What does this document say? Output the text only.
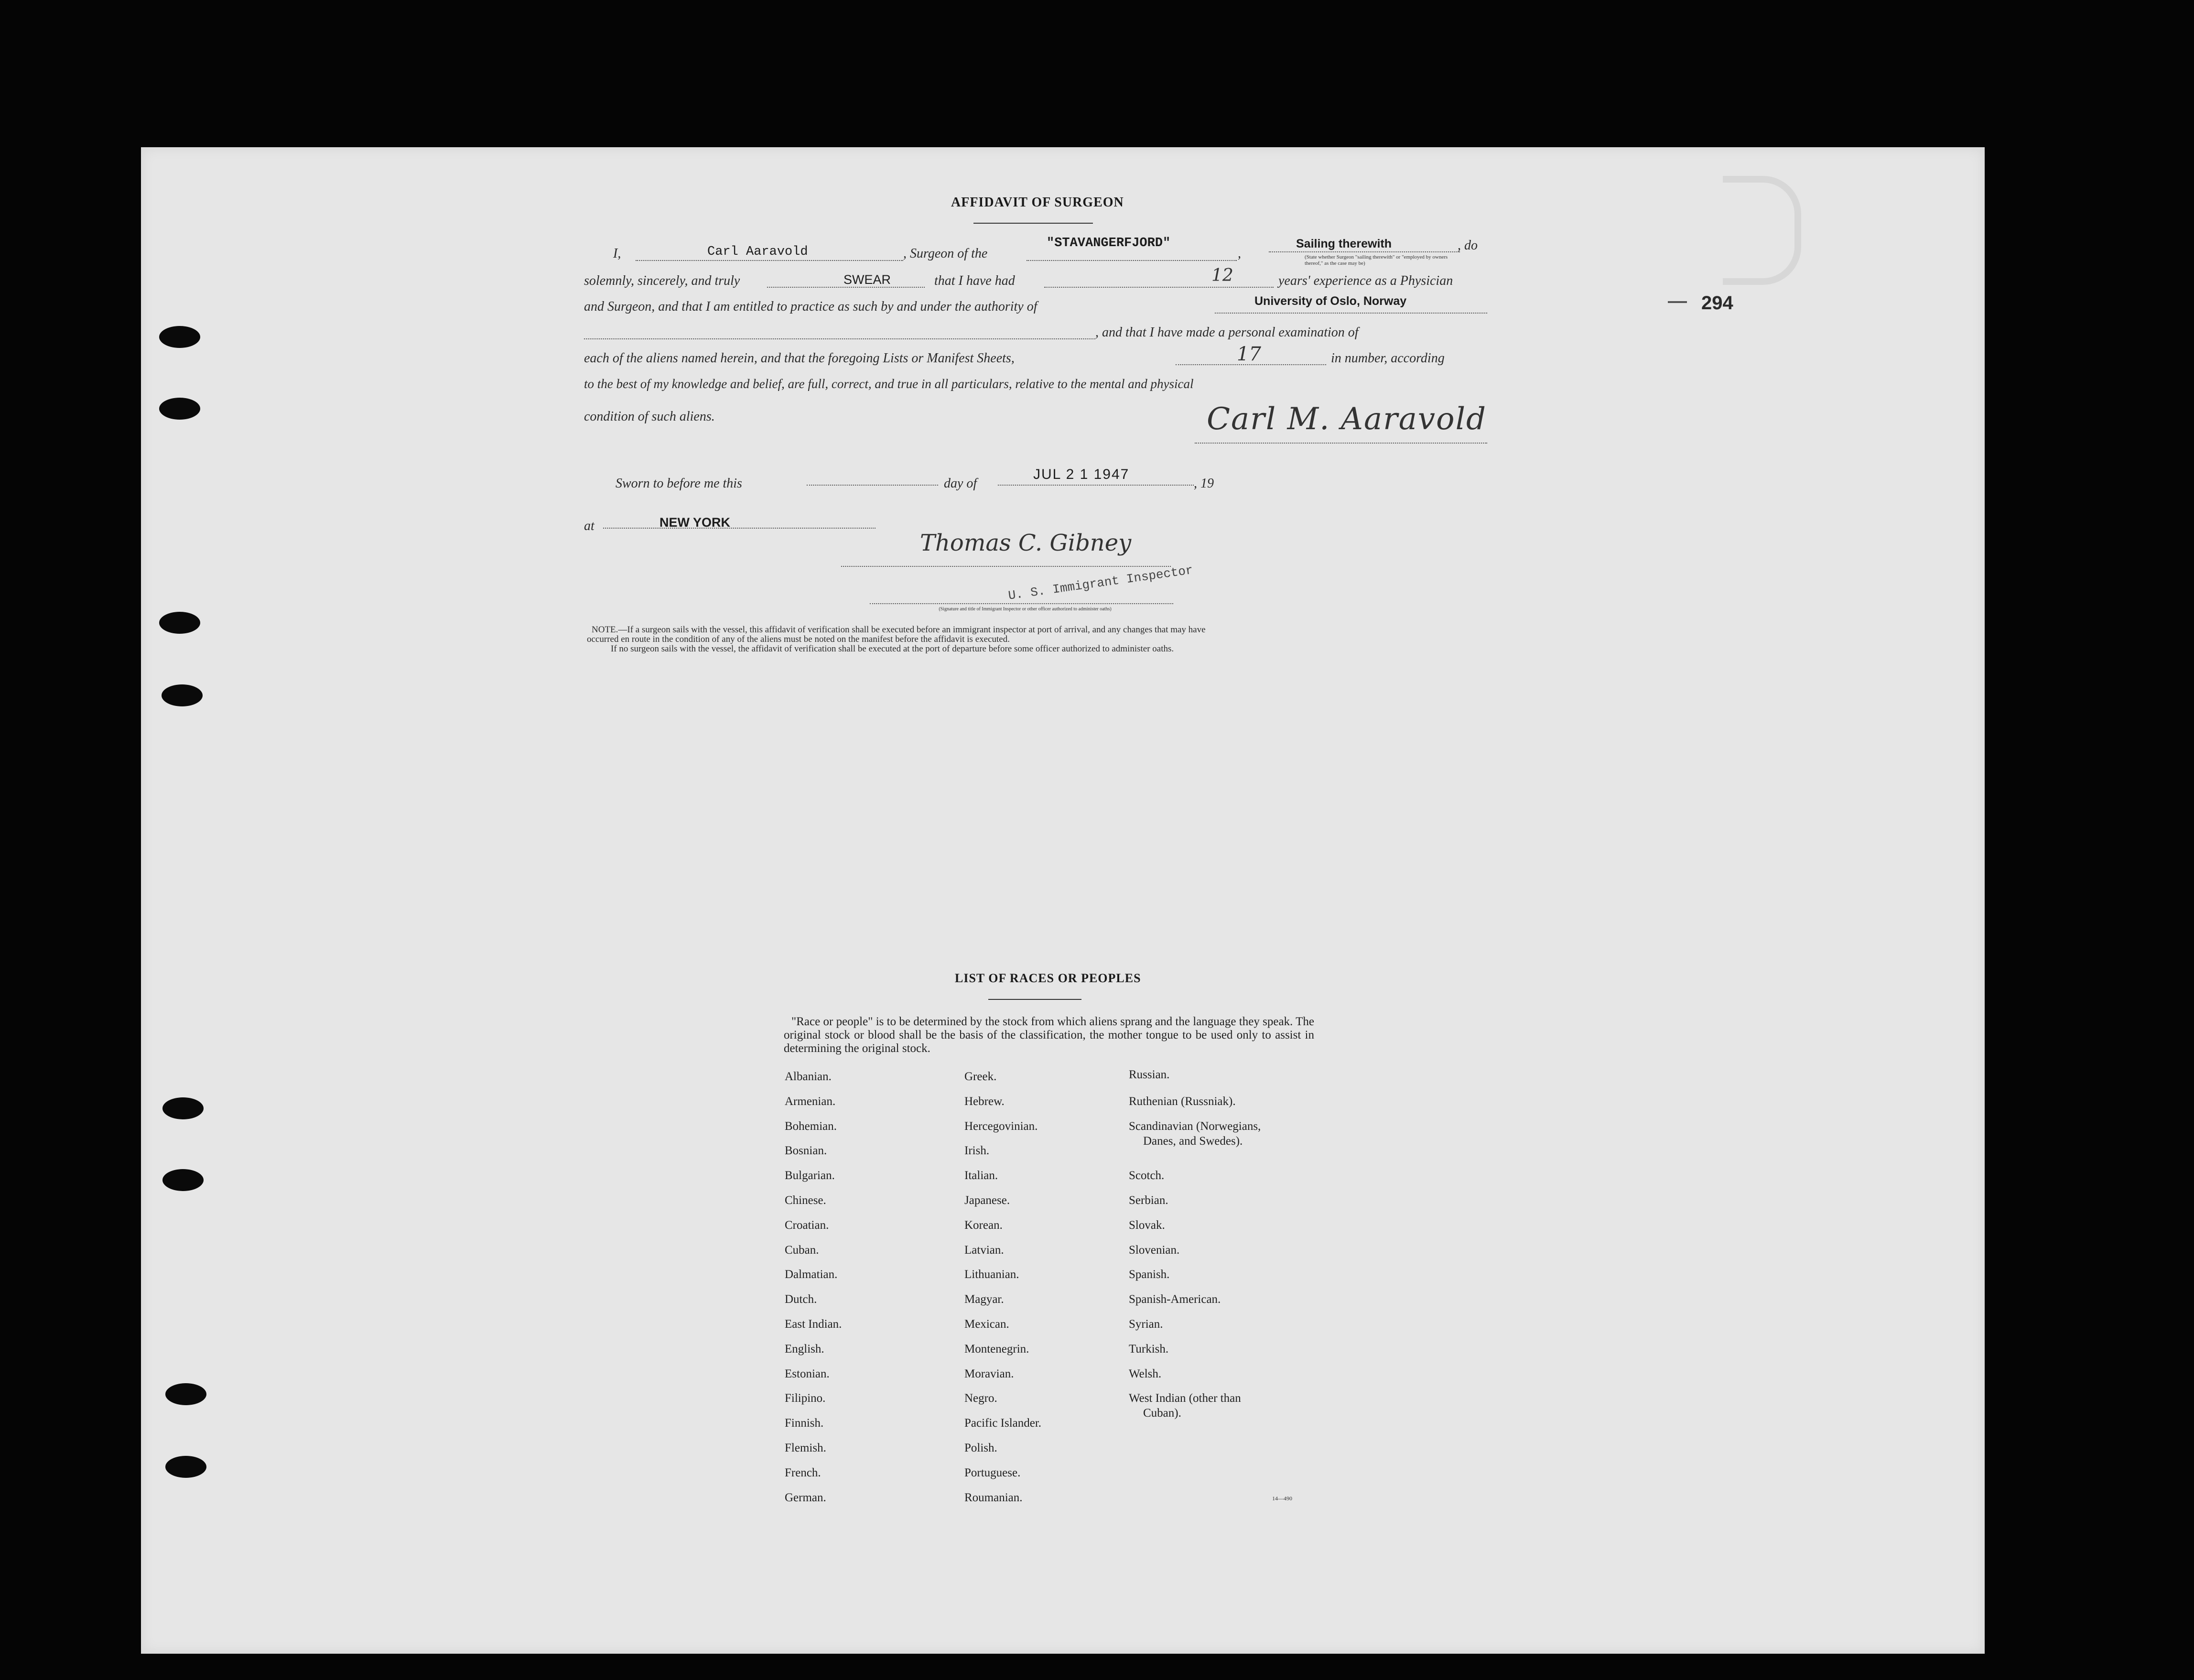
AFFIDAVIT OF SURGEON
I,	Carl Aaravold	, Surgeon of the
"STAVANGERFJORD"
,
Sailing therewith
(State whether Surgeon "sailing therewith" or "employed by owners thereof," as the case may be)
, do
solemnly, sincerely, and truly	SWEAR	that I have had	12	years' experience as a Physician
and Surgeon, and that I am entitled to practice as such by and under the authority of	University of Oslo, Norway
, and that I have made a personal examination of
each of the aliens named herein, and that the foregoing Lists or Manifest Sheets,	17	in number, according
to the best of my knowledge and belief, are full, correct, and true in all particulars, relative to the mental and physical
condition of such aliens.	Carl M. Aaravold
Sworn to before me this	day of
JUL 2 1 1947
, 19
at	NEW YORK
Thomas C. Gibney
U. S. Immigrant Inspector
(Signature and title of Immigrant Inspector or other officer authorized to administer oaths)
NOTE.—If a surgeon sails with the vessel, this affidavit of verification shall be executed before an immigrant inspector at port of arrival, and any changes that may have
occurred en route in the condition of any of the aliens must be noted on the manifest before the affidavit is executed.
If no surgeon sails with the vessel, the affidavit of verification shall be executed at the port of departure before some officer authorized to administer oaths.
294
LIST OF RACES OR PEOPLES
"Race or people" is to be determined by the stock from which aliens sprang and the language they speak. The original stock or blood shall be the basis of the classification, the mother tongue to be used only to assist in determining the original stock.
Albanian.
Armenian.
Bohemian.
Bosnian.
Bulgarian.
Chinese.
Croatian.
Cuban.
Dalmatian.
Dutch.
East Indian.
English.
Estonian.
Filipino.
Finnish.
Flemish.
French.
German.
Greek.
Hebrew.
Hercegovinian.
Irish.
Italian.
Japanese.
Korean.
Latvian.
Lithuanian.
Magyar.
Mexican.
Montenegrin.
Moravian.
Negro.
Pacific Islander.
Polish.
Portuguese.
Roumanian.
Russian.
Ruthenian (Russniak).
Scandinavian (Norwegians,
Danes, and Swedes).
Scotch.
Serbian.
Slovak.
Slovenian.
Spanish.
Spanish-American.
Syrian.
Turkish.
Welsh.
West Indian (other than
Cuban).
14—490
